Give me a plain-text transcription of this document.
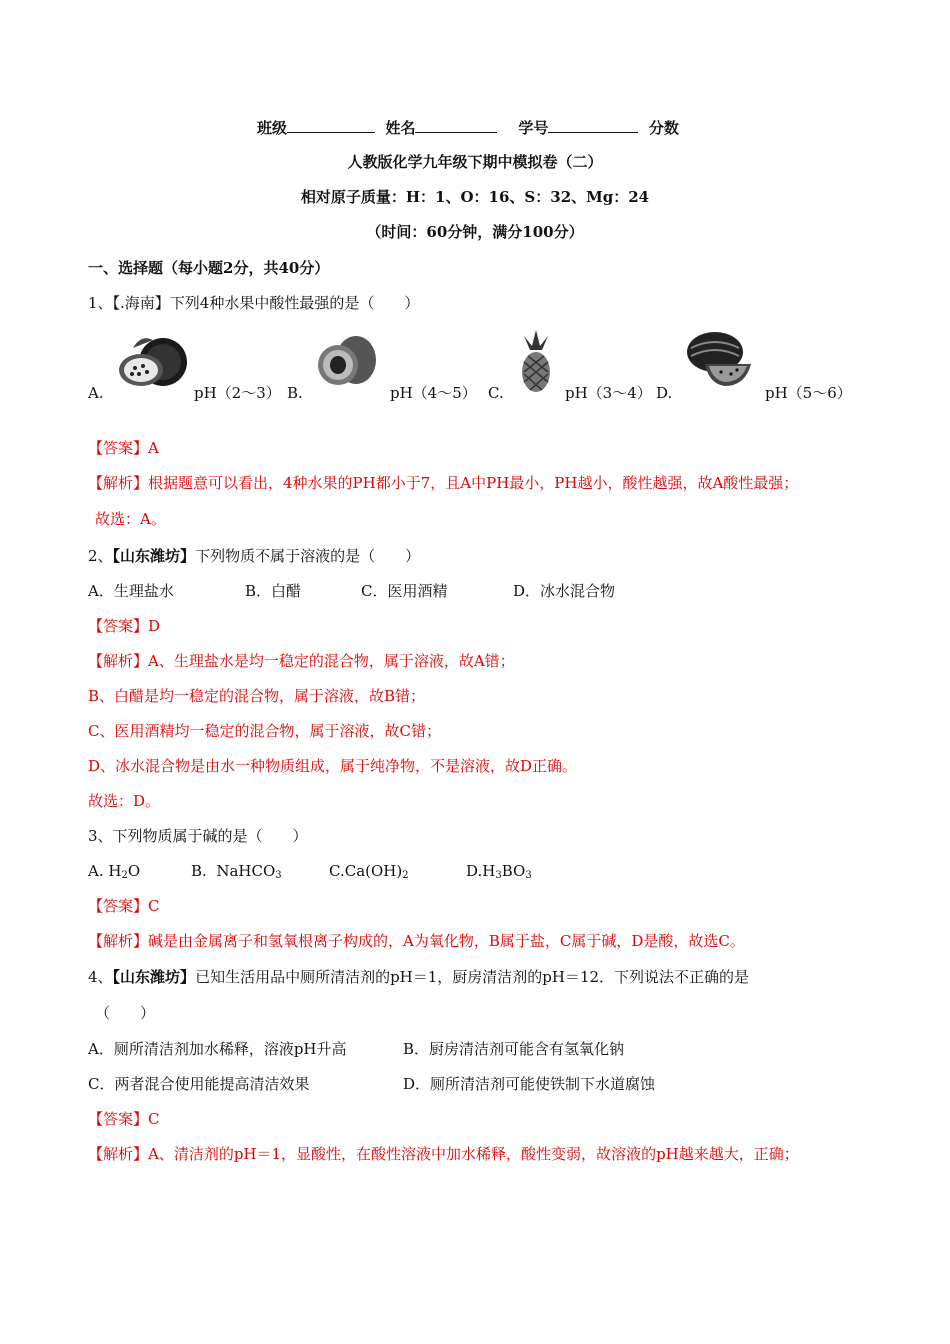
班级	姓名	学号	分数
人教版化学九年级下期中模拟卷（二）
相对原子质量：H：1、O：16、S：32、Mg：24
（时间：60分钟，满分100分）
一、选择题（每小题2分，共40分）
1、【.海南】下列4种水果中酸性最强的是（　　）
A.	pH（2～3） B.	pH（4～5） C.	pH（3～4） D.	pH（5～6）
【答案】A
【解析】根据题意可以看出，4种水果的PH都小于7，且A中PH最小，PH越小，酸性越强，故A酸性最强；
故选：A。
2、【山东潍坊】下列物质不属于溶液的是（　　）
A．生理盐水	B．白醋	C．医用酒精	D．冰水混合物
【答案】D
【解析】A、生理盐水是均一稳定的混合物，属于溶液，故A错；
B、白醋是均一稳定的混合物，属于溶液，故B错；
C、医用酒精均一稳定的混合物，属于溶液，故C错；
D、冰水混合物是由水一种物质组成，属于纯净物，不是溶液，故D正确。
故选：D。
3、下列物质属于碱的是（　　）
A. $H_2O$	B. NaHCO$_3$	$C.Ca(OH)_2$	$D.H_3BO_3$
【答案】C
【解析】碱是由金属离子和氢氧根离子构成的，A为氧化物，B属于盐，C属于碱，D是酸，故选C。
4、【山东潍坊】已知生活用品中厕所清洁剂的pH＝1，厨房清洁剂的pH＝12．下列说法不正确的是
（　　）
A．厕所清洁剂加水稀释，溶液pH升高	B．厨房清洁剂可能含有氢氧化钠
C．两者混合使用能提高清洁效果	D．厕所清洁剂可能使铁制下水道腐蚀
【答案】C
【解析】A、清洁剂的pH＝1，显酸性，在酸性溶液中加水稀释，酸性变弱，故溶液的pH越来越大，正确；
